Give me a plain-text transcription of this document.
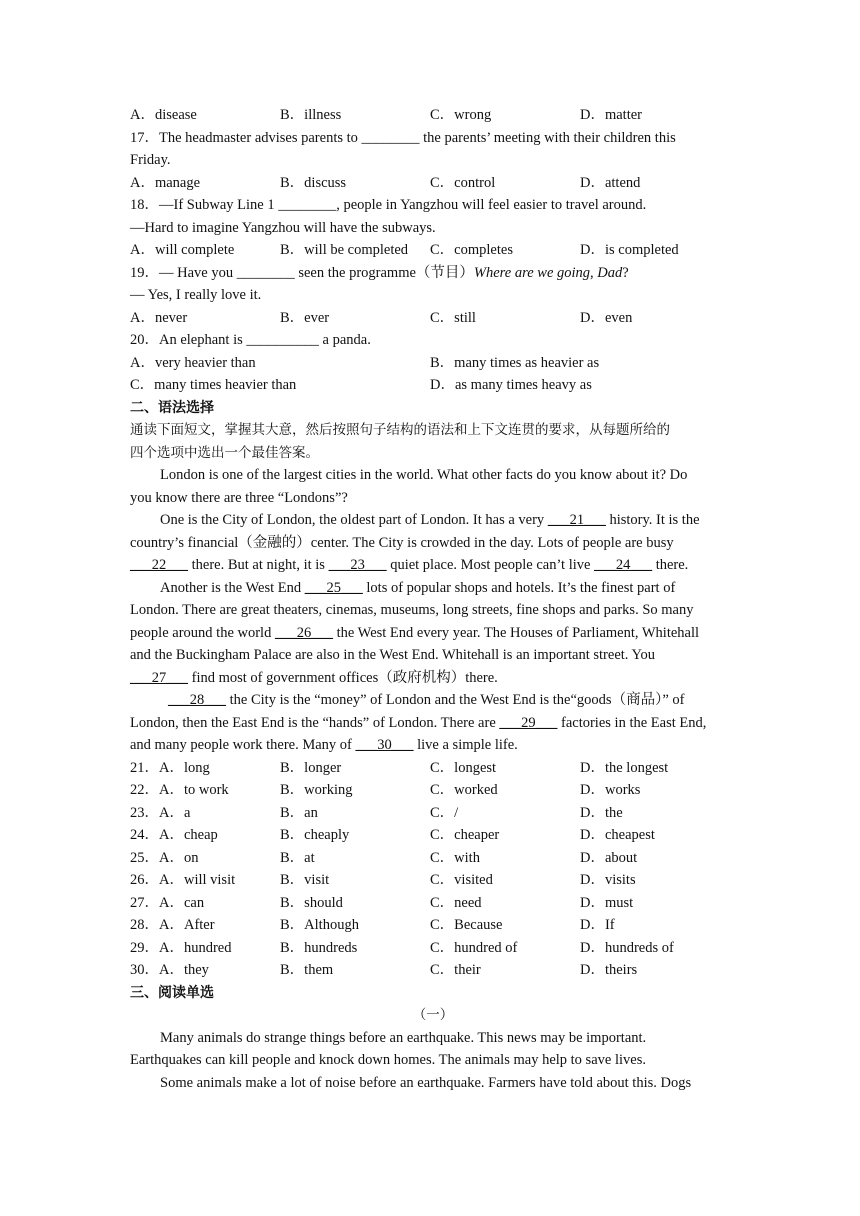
A．disease	B．illness	C．wrong	D．matter
17．The headmaster advises parents to ________ the parents’ meeting with their children this
Friday.
A．manage	B．discuss	C．control	D．attend
18．—If Subway Line 1 ________, people in Yangzhou will feel easier to travel around.
—Hard to imagine Yangzhou will have the subways.
A．will complete	B．will be completed C．completes	D．is completed
19．— Have you ________ seen the programme（节目）Where are we going, Dad?
— Yes, I really love it.
A．never	B．ever	C．still	D．even
20．An elephant is __________ a panda.
A．very heavier than	B．many times as heavier as
C．many times heavier than	D．as many times heavy as
二、语法选择
通读下面短文，掌握其大意，然后按照句子结构的语法和上下文连贯的要求，从每题所给的
四个选项中选出一个最佳答案。
London is one of the largest cities in the world. What other facts do you know about it? Do
you know there are three “Londons”?
One is the City of London, the oldest part of London. It has a very ___21___ history. It is the
country’s financial（金融的）center. The City is crowded in the day. Lots of people are busy
___22___ there. But at night, it is ___23___ quiet place. Most people can’t live ___24___ there.
Another is the West End ___25___ lots of popular shops and hotels. It’s the finest part of
London. There are great theaters, cinemas, museums, long streets, fine shops and parks. So many
people around the world ___26___ the West End every year. The Houses of Parliament, Whitehall
and the Buckingham Palace are also in the West End. Whitehall is an important street. You
___27___ find most of government offices（政府机构）there.
___28___ the City is the “money” of London and the West End is the“goods（商品）” of
London, then the East End is the “hands” of London. There are ___29___ factories in the East End,
and many people work there. Many of ___30___ live a simple life.
21．A．long	B．longer	C．longest	D．the longest
22．A．to work	B．working	C．worked	D．works
23．A．a	B．an	C．/	D．the
24．A．cheap	B．cheaply	C．cheaper	D．cheapest
25．A．on	B．at	C．with	D．about
26．A．will visit	B．visit	C．visited	D．visits
27．A．can	B．should	C．need	D．must
28．A．After	B．Although	C．Because	D．If
29．A．hundred	B．hundreds	C．hundred of	D．hundreds of
30．A．they	B．them	C．their	D．theirs
三、阅读单选
（一）
Many animals do strange things before an earthquake. This news may be important.
Earthquakes can kill people and knock down homes. The animals may help to save lives.
Some animals make a lot of noise before an earthquake. Farmers have told about this. Dogs
